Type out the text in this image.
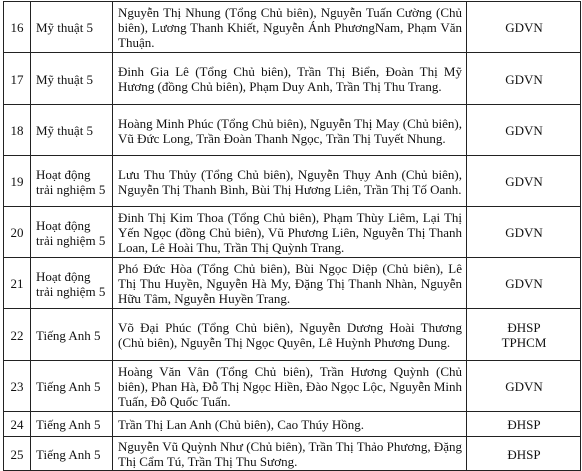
16	Mỹ thuật 5	Nguyễn Thị Nhung (Tổng Chủ biên), Nguyễn Tuấn Cường (Chủ biên), Lương Thanh Khiết, Nguyễn Ánh PhươngNam, Phạm Văn Thuận.	GDVN

17	Mỹ thuật 5	Đinh Gia Lê (Tổng Chủ biên), Trần Thị Biển, Đoàn Thị Mỹ Hương (đồng Chủ biên), Phạm Duy Anh, Trần Thị Thu Trang.	GDVN

18	Mỹ thuật 5	Hoàng Minh Phúc (Tổng Chủ biên), Nguyễn Thị May (Chủ biên), Vũ Đức Long, Trần Đoàn Thanh Ngọc, Trần Thị Tuyết Nhung.	GDVN

19	Hoạt động trải nghiệm 5	Lưu Thu Thủy (Tổng Chủ biên), Nguyễn Thụy Anh (Chủ biên), Nguyễn Thị Thanh Bình, Bùi Thị Hương Liên, Trần Thị Tố Oanh.	GDVN

20	Hoạt động trải nghiệm 5	Đinh Thị Kim Thoa (Tổng Chủ biên), Phạm Thùy Liêm, Lại Thị Yến Ngọc (đồng Chủ biên), Vũ Phương Liên, Nguyễn Thị Thanh Loan, Lê Hoài Thu, Trần Thị Quỳnh Trang.	GDVN

21	Hoạt động trải nghiệm 5	Phó Đức Hòa (Tổng Chủ biên), Bùi Ngọc Diệp (Chủ biên), Lê Thị Thu Huyền, Nguyễn Hà My, Đặng Thị Thanh Nhàn, Nguyễn Hữu Tâm, Nguyễn Huyền Trang.	GDVN

22	Tiếng Anh 5	Võ Đại Phúc (Tổng Chủ biên), Nguyễn Dương Hoài Thương (Chủ biên), Nguyễn Thị Ngọc Quyên, Lê Huỳnh Phương Dung.	ĐHSP
TPHCM

23	Tiếng Anh 5	Hoàng Văn Vân (Tổng Chủ biên), Trần Hương Quỳnh (Chủ biên), Phan Hà, Đỗ Thị Ngọc Hiền, Đào Ngọc Lộc, Nguyễn Minh Tuấn, Đỗ Quốc Tuấn.	GDVN

24	Tiếng Anh 5	Trần Thị Lan Anh (Chủ biên), Cao Thúy Hồng.	ĐHSP

25	Tiếng Anh 5	Nguyễn Vũ Quỳnh Như (Chủ biên), Trần Thị Thảo Phương, Đặng Thị Cẩm Tú, Trần Thị Thu Sương.	ĐHSP
